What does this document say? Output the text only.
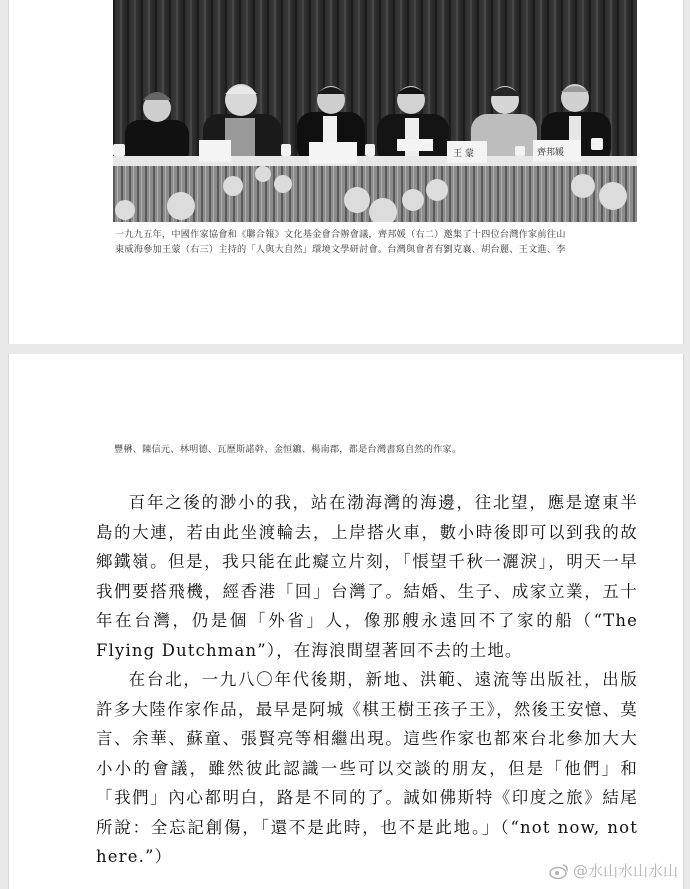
王 蒙	齊邦媛
一九九五年，中國作家協會和《聯合報》文化基金會合辦會議，齊邦媛（右二）邀集了十四位台灣作家前往山
東威海參加王蒙（右三）主持的「人與大自然」環境文學研討會。台灣與會者有劉克襄、胡台麗、王文進、李
豐楙、陳信元、林明德、瓦歷斯諾幹、金恒鑣、楊南郡，都是台灣書寫自然的作家。

百年之後的渺小的我，站在渤海灣的海邊，往北望，應是遼東半島的大連，若由此坐渡輪去，上岸搭火車，數小時後即可以到我的故鄉鐵嶺。但是，我只能在此癡立片刻，「悵望千秋一灑淚」，明天一早我們要搭飛機，經香港「回」台灣了。結婚、生子、成家立業，五十年在台灣，仍是個「外省」人，像那艘永遠回不了家的船（“The Flying Dutchman”），在海浪間望著回不去的土地。

在台北，一九八〇年代後期，新地、洪範、遠流等出版社，出版許多大陸作家作品，最早是阿城《棋王樹王孩子王》，然後王安憶、莫言、余華、蘇童、張賢亮等相繼出現。這些作家也都來台北參加大大小小的會議，雖然彼此認識一些可以交談的朋友，但是「他們」和「我們」內心都明白，路是不同的了。誠如佛斯特《印度之旅》結尾所說：全忘記創傷，「還不是此時，也不是此地。」（“not now, not here.”）

@水山水山水山
